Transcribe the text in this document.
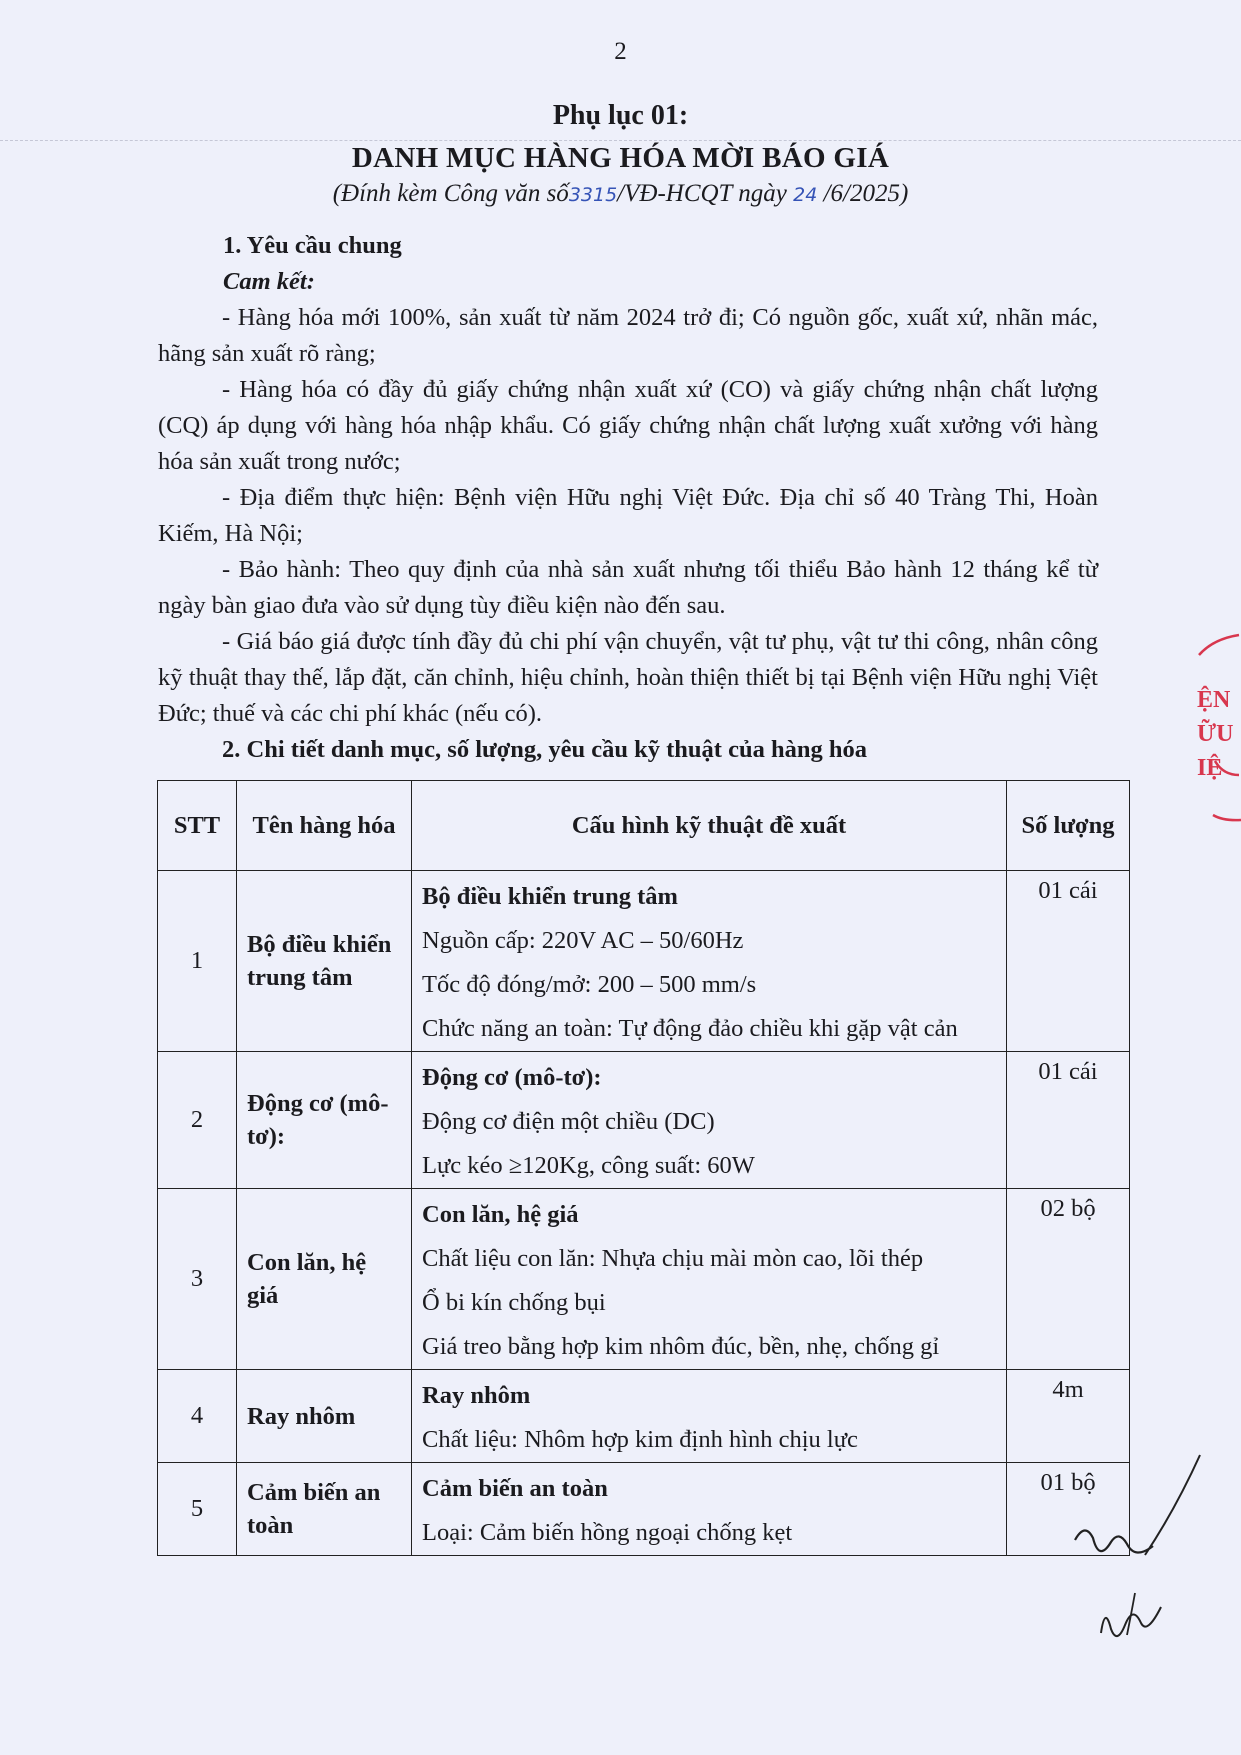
2
Phụ lục 01:
DANH MỤC HÀNG HÓA MỜI BÁO GIÁ
(Đính kèm Công văn số3315/VĐ-HCQT ngày 24 /6/2025)
1. Yêu cầu chung
Cam kết:
- Hàng hóa mới 100%, sản xuất từ năm 2024 trở đi; Có nguồn gốc, xuất xứ, nhãn mác, hãng sản xuất rõ ràng;
- Hàng hóa có đầy đủ giấy chứng nhận xuất xứ (CO) và giấy chứng nhận chất lượng (CQ) áp dụng với hàng hóa nhập khẩu. Có giấy chứng nhận chất lượng xuất xưởng với hàng hóa sản xuất trong nước;
- Địa điểm thực hiện: Bệnh viện Hữu nghị Việt Đức. Địa chỉ số 40 Tràng Thi, Hoàn Kiếm, Hà Nội;
- Bảo hành: Theo quy định của nhà sản xuất nhưng tối thiểu Bảo hành 12 tháng kể từ ngày bàn giao đưa vào sử dụng tùy điều kiện nào đến sau.
- Giá báo giá được tính đầy đủ chi phí vận chuyển, vật tư phụ, vật tư thi công, nhân công kỹ thuật thay thế, lắp đặt, căn chỉnh, hiệu chỉnh, hoàn thiện thiết bị tại Bệnh viện Hữu nghị Việt Đức; thuế và các chi phí khác (nếu có).
2. Chi tiết danh mục, số lượng, yêu cầu kỹ thuật của hàng hóa
STT	Tên hàng hóa	Cấu hình kỹ thuật đề xuất	Số lượng
1	Bộ điều khiển trung tâm	Bộ điều khiển trung tâm
Nguồn cấp: 220V AC – 50/60Hz
Tốc độ đóng/mở: 200 – 500 mm/s
Chức năng an toàn: Tự động đảo chiều khi gặp vật cản	01 cái
2	Động cơ (mô-tơ):	Động cơ (mô-tơ):
Động cơ điện một chiều (DC)
Lực kéo ≥120Kg, công suất: 60W	01 cái
3	Con lăn, hệ giá	Con lăn, hệ giá
Chất liệu con lăn: Nhựa chịu mài mòn cao, lõi thép
Ổ bi kín chống bụi
Giá treo bằng hợp kim nhôm đúc, bền, nhẹ, chống gỉ	02 bộ
4	Ray nhôm	Ray nhôm
Chất liệu: Nhôm hợp kim định hình chịu lực	4m
5	Cảm biến an toàn	Cảm biến an toàn
Loại: Cảm biến hồng ngoại chống kẹt	01 bộ
ỆN
ỮU
IỆ
